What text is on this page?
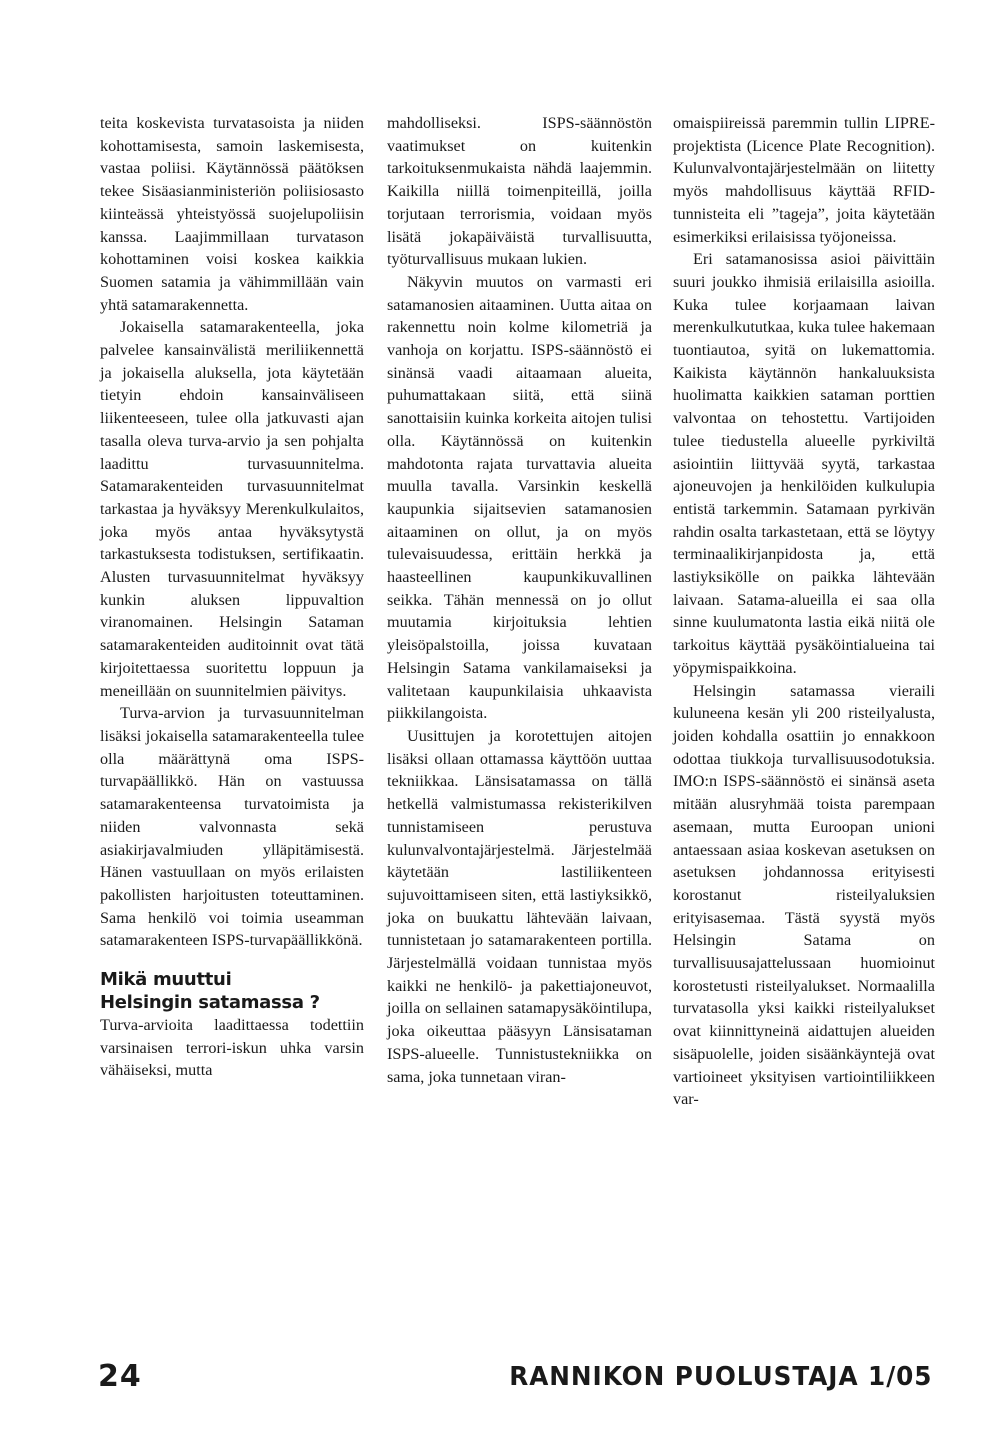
teita koskevista turvatasoista ja niiden kohottamisesta, samoin laskemisesta, vastaa poliisi. Käytännössä päätöksen tekee Sisäasianministeriön poliisiosasto kiinteässä yhteistyössä suojelupoliisin kanssa. Laajimmillaan turvatason kohottaminen voisi koskea kaikkia Suomen satamia ja vähimmillään vain yhtä satamarakennetta.

Jokaisella satamarakenteella, joka palvelee kansainvälistä meriliikennettä ja jokaisella aluksella, jota käytetään tietyin ehdoin kansainväliseen liikenteeseen, tulee olla jatkuvasti ajan tasalla oleva turva-arvio ja sen pohjalta laadittu turvasuunnitelma. Satamarakenteiden turvasuunnitelmat tarkastaa ja hyväksyy Merenkulkulaitos, joka myös antaa hyväksytystä tarkastuksesta todistuksen, sertifikaatin. Alusten turvasuunnitelmat hyväksyy kunkin aluksen lippuvaltion viranomainen. Helsingin Sataman satamarakenteiden auditoinnit ovat tätä kirjoitettaessa suoritettu loppuun ja meneillään on suunnitelmien päivitys.

Turva-arvion ja turvasuunnitelman lisäksi jokaisella satamarakenteella tulee olla määrättynä oma ISPS-turvapäällikkö. Hän on vastuussa satamarakenteensa turvatoimista ja niiden valvonnasta sekä asiakirjavalmiuden ylläpitämisestä. Hänen vastuullaan on myös erilaisten pakollisten harjoitusten toteuttaminen. Sama henkilö voi toimia useamman satamarakenteen ISPS-turvapäällikkönä.

Mikä muuttui
Helsingin satamassa ?

Turva-arvioita laadittaessa todettiin varsinaisen terrori-iskun uhka varsin vähäiseksi, mutta

mahdolliseksi. ISPS-säännöstön vaatimukset on kuitenkin tarkoituksenmukaista nähdä laajemmin. Kaikilla niillä toimenpiteillä, joilla torjutaan terrorismia, voidaan myös lisätä jokapäiväistä turvallisuutta, työturvallisuus mukaan lukien.

Näkyvin muutos on varmasti eri satamanosien aitaaminen. Uutta aitaa on rakennettu noin kolme kilometriä ja vanhoja on korjattu. ISPS-säännöstö ei sinänsä vaadi aitaamaan alueita, puhumattakaan siitä, että siinä sanottaisiin kuinka korkeita aitojen tulisi olla. Käytännössä on kuitenkin mahdotonta rajata turvattavia alueita muulla tavalla. Varsinkin keskellä kaupunkia sijaitsevien satamanosien aitaaminen on ollut, ja on myös tulevaisuudessa, erittäin herkkä ja haasteellinen kaupunkikuvallinen seikka. Tähän mennessä on jo ollut muutamia kirjoituksia lehtien yleisöpalstoilla, joissa kuvataan Helsingin Satama vankilamaiseksi ja valitetaan kaupunkilaisia uhkaavista piikkilangoista.

Uusittujen ja korotettujen aitojen lisäksi ollaan ottamassa käyttöön uuttaa tekniikkaa. Länsisatamassa on tällä hetkellä valmistumassa rekisterikilven tunnistamiseen perustuva kulunvalvontajärjestelmä. Järjestelmää käytetään lastiliikenteen sujuvoittamiseen siten, että lastiyksikkö, joka on buukattu lähtevään laivaan, tunnistetaan jo satamarakenteen portilla. Järjestelmällä voidaan tunnistaa myös kaikki ne henkilö- ja pakettiajoneuvot, joilla on sellainen satamapysäköintilupa, joka oikeuttaa pääsyyn Länsisataman ISPS-alueelle. Tunnistustekniikka on sama, joka tunnetaan viran-

omaispiireissä paremmin tullin LIPRE-projektista (Licence Plate Recognition). Kulunvalvontajärjestelmään on liitetty myös mahdollisuus käyttää RFID-tunnisteita eli ”tageja”, joita käytetään esimerkiksi erilaisissa työjoneissa.

Eri satamanosissa asioi päivittäin suuri joukko ihmisiä erilaisilla asioilla. Kuka tulee korjaamaan laivan merenkulkututkaa, kuka tulee hakemaan tuontiautoa, syitä on lukemattomia. Kaikista käytännön hankaluuksista huolimatta kaikkien sataman porttien valvontaa on tehostettu. Vartijoiden tulee tiedustella alueelle pyrkiviltä asiointiin liittyvää syytä, tarkastaa ajoneuvojen ja henkilöiden kulkulupia entistä tarkemmin. Satamaan pyrkivän rahdin osalta tarkastetaan, että se löytyy terminaalikirjanpidosta ja, että lastiyksikölle on paikka lähtevään laivaan. Satama-alueilla ei saa olla sinne kuulumatonta lastia eikä niitä ole tarkoitus käyttää pysäköintialueina tai yöpymispaikkoina.

Helsingin satamassa vieraili kuluneena kesän yli 200 risteilyalusta, joiden kohdalla osattiin jo ennakkoon odottaa tiukkoja turvallisuusodotuksia. IMO:n ISPS-säännöstö ei sinänsä aseta mitään alusryhmää toista parempaan asemaan, mutta Euroopan unioni antaessaan asiaa koskevan asetuksen on asetuksen johdannossa erityisesti korostanut risteilyaluksien erityisasemaa. Tästä syystä myös Helsingin Satama on turvallisuusajattelussaan huomioinut korostetusti risteilyalukset. Normaalilla turvatasolla yksi kaikki risteilyalukset ovat kiinnittyneinä aidattujen alueiden sisäpuolelle, joiden sisäänkäyntejä ovat vartioineet yksityisen vartiointiliikkeen var-

24	RANNIKON PUOLUSTAJA 1/05
